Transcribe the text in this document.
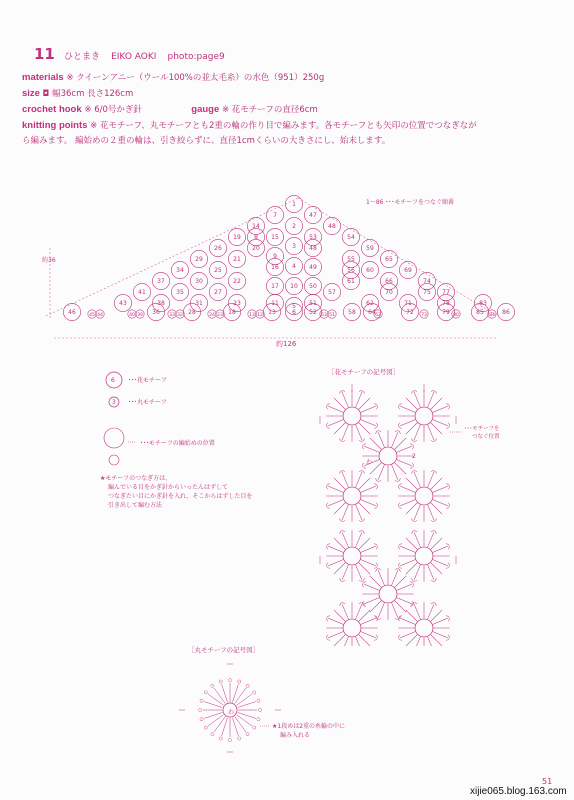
11 ひとまき EIKO AOKI photo:page9
materials ※ クイーンアニー（ウール100%の並太毛糸）の水色（951）250g
size ◘ 幅36cm 長さ126cm
crochet hook ※ 6/0号かぎ針	gauge ※ 花モチーフの直径6cm
knitting points ※ 花モチーフ、丸モチーフとも2重の輪の作り目で編みます。各モチーフとも矢印の位置でつなぎなが
ら編みます。 編始めの２重の輪は、引き絞らずに、直径1cmくらいの大きさにし、始末します。
1
7	47
14	2	48
19	15
8
3
53	54
26	20
9
48	59
29	21
16 4 49
55	65
34	25
10
56 60	69
37	30	22
17	50
61	66	74
41	35	27
5
57	70	75 77
43	38	31	23	11	51	62	71	78	83
46	36	28	18	13	6 52	58 64	72	79	85	86
45 44	40 39	33 32	24 23	13 12	53 51	63	73	80	84
1〜86 ･･･モチーフをつなぐ順番
約126
約36
6 ･･･花モチーフ
3 ･･･丸モチーフ
･･･モチーフの編始めの位置
★モチーフのつなぎ方は、
編んでいる目をかぎ針からいったんはずして
つなぎたい目にかぎ針を入れ、そこからはずした目を
引き出して編む方法
［花モチーフの記号図］
わ
2
･･･モチーフを
つなぐ位置
［丸モチーフの記号図］
わ
★1段めは2重の糸輪の中に
編み入れる
51
xijie065.blog.163.com
